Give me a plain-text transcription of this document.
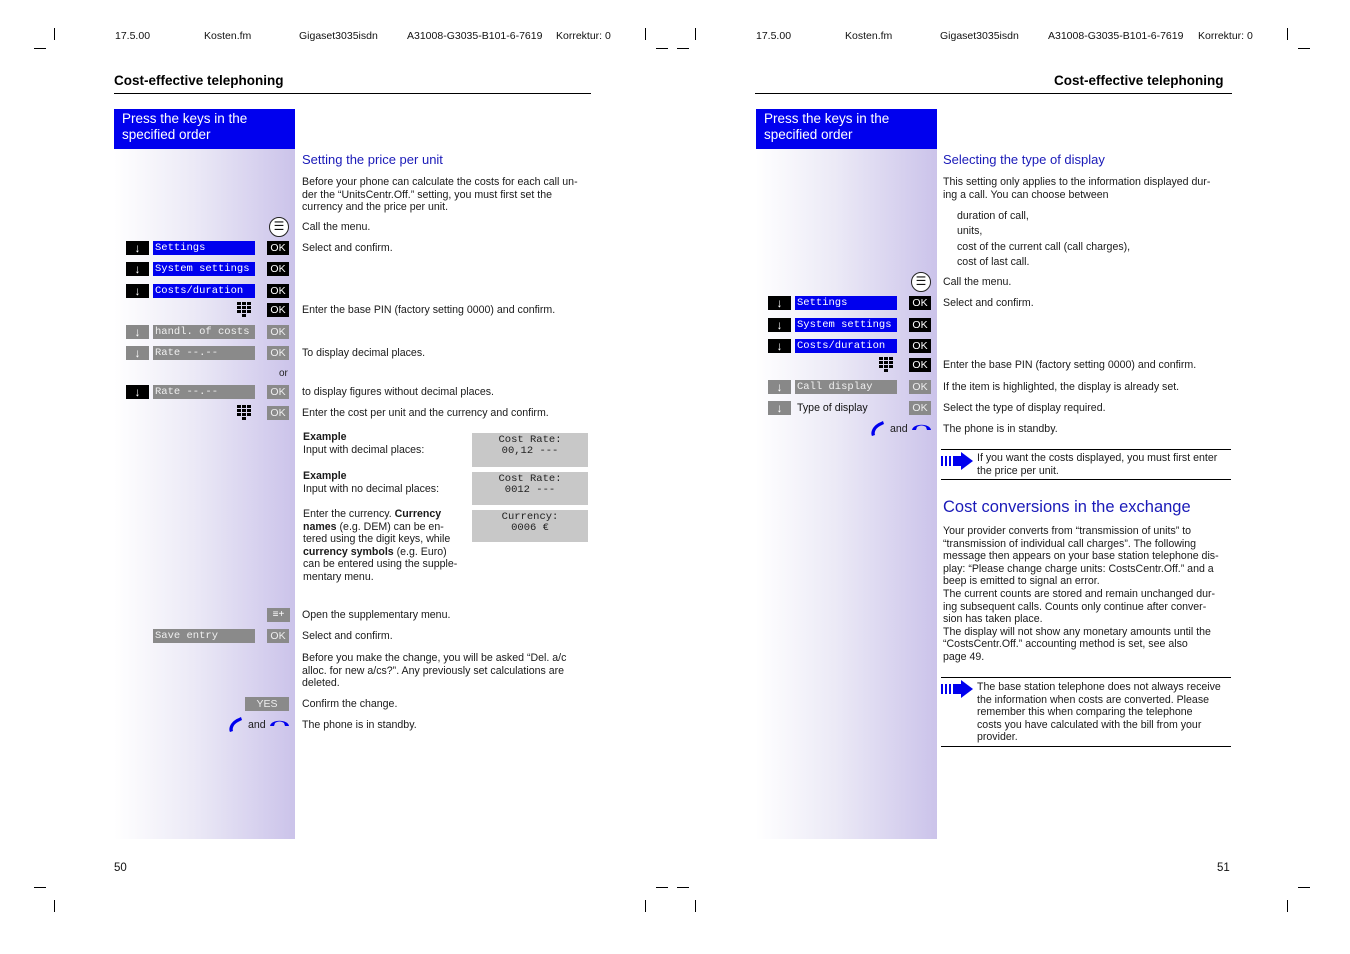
17.5.00	Kosten.fm	Gigaset3035isdn	A31008-G3035-B101-6-7619 Korrektur: 0
Cost-effective telephoning
Press the keys in the
specified order
Setting the price per unit
Before your phone can calculate the costs for each call un-
der the “UnitsCentr.Off.” setting, you must first set the
currency and the price per unit.
☰	Call the menu.
↓	Settings	OK	Select and confirm.
↓	System settings	OK
↓	Costs/duration	OK
OK	Enter the base PIN (factory setting 0000) and confirm.
↓	handl. of costs	OK
↓	Rate --.--	OK	To display decimal places.
or
↓	Rate --.--	OK	to display figures without decimal places.
OK	Enter the cost per unit and the currency and confirm.
Example
Input with decimal places:
Cost Rate:
00,12 ---
Example
Input with no decimal places:
Cost Rate:
0012 ---
Enter the currency. Currency
names (e.g. DEM) can be en-
tered using the digit keys, while
currency symbols (e.g. Euro)
can be entered using the supple-
mentary menu.
Currency:
0006 €
≡+	Open the supplementary menu.
Save entry	OK	Select and confirm.
Before you make the change, you will be asked “Del. a/c
alloc. for new a/cs?”. Any previously set calculations are
deleted.
YES	Confirm the change.
and	The phone is in standby.
50
17.5.00	Kosten.fm	Gigaset3035isdn	A31008-G3035-B101-6-7619 Korrektur: 0
Cost-effective telephoning
Press the keys in the
specified order
Selecting the type of display
This setting only applies to the information displayed dur-
ing a call. You can choose between
duration of call,
units,
cost of the current call (call charges),
cost of last call.
☰	Call the menu.
↓	Settings	OK	Select and confirm.
↓	System settings	OK
↓	Costs/duration	OK
OK	Enter the base PIN (factory setting 0000) and confirm.
↓	Call display	OK	If the item is highlighted, the display is already set.
↓	Type of display	OK	Select the type of display required.
and	The phone is in standby.
If you want the costs displayed, you must first enter
the price per unit.
Cost conversions in the exchange
Your provider converts from “transmission of units” to
“transmission of individual call charges”. The following
message then appears on your base station telephone dis-
play: “Please change charge units: CostsCentr.Off.” and a
beep is emitted to signal an error.
The current counts are stored and remain unchanged dur-
ing subsequent calls. Counts only continue after conver-
sion has taken place.
The display will not show any monetary amounts until the
“CostsCentr.Off.” accounting method is set, see also
page 49.
The base station telephone does not always receive
the information when costs are converted. Please
remember this when comparing the telephone
costs you have calculated with the bill from your
provider.
51
